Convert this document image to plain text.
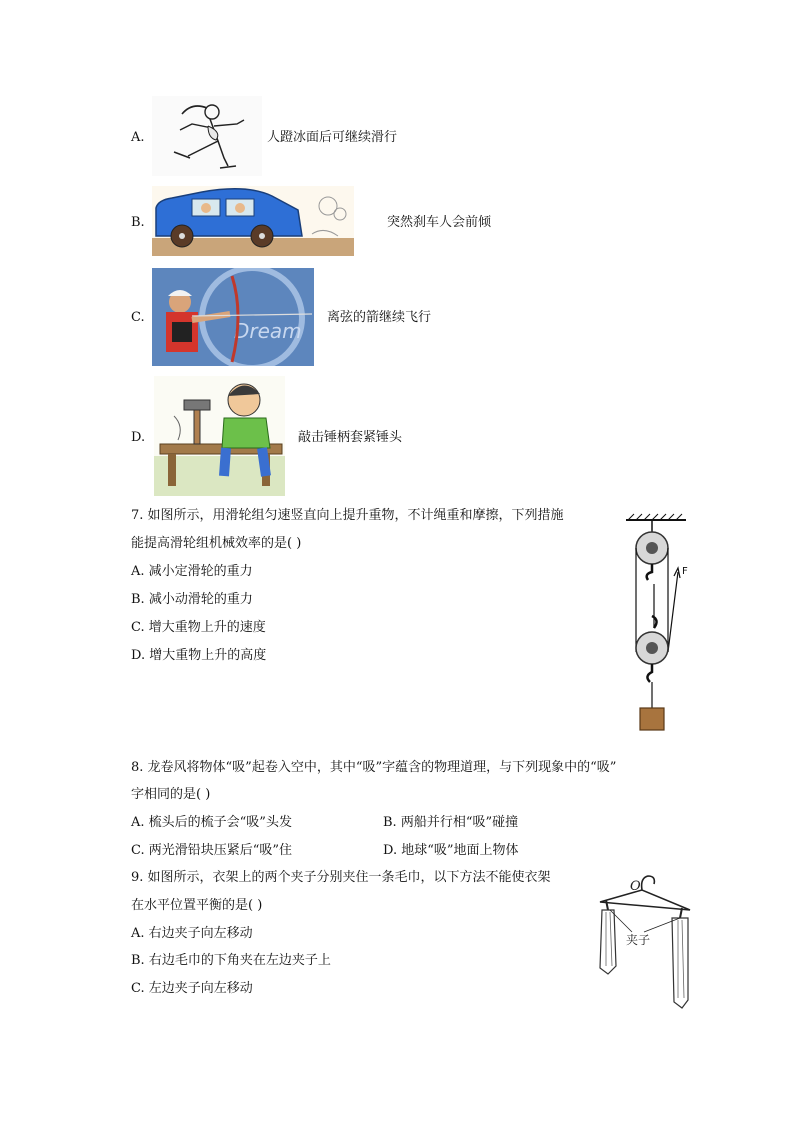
A.	人蹬冰面后可继续滑行
B.	突然刹车人会前倾
C.
Dream
离弦的箭继续飞行
D.	敲击锤柄套紧锤头
7. 如图所示，用滑轮组匀速竖直向上提升重物，不计绳重和摩擦，下列措施
能提高滑轮组机械效率的是( )
A. 减小定滑轮的重力
B. 减小动滑轮的重力
C. 增大重物上升的速度
D. 增大重物上升的高度
F
8. 龙卷风将物体“吸”起卷入空中，其中“吸”字蕴含的物理道理，与下列现象中的“吸”
字相同的是( )
A. 梳头后的梳子会“吸”头发	B. 两船并行相“吸”碰撞
C. 两光滑铅块压紧后“吸”住	D. 地球“吸”地面上物体
9. 如图所示，衣架上的两个夹子分别夹住一条毛巾，以下方法不能使衣架
在水平位置平衡的是( )
A. 右边夹子向左移动
B. 右边毛巾的下角夹在左边夹子上
C. 左边夹子向左移动
O
夹子
